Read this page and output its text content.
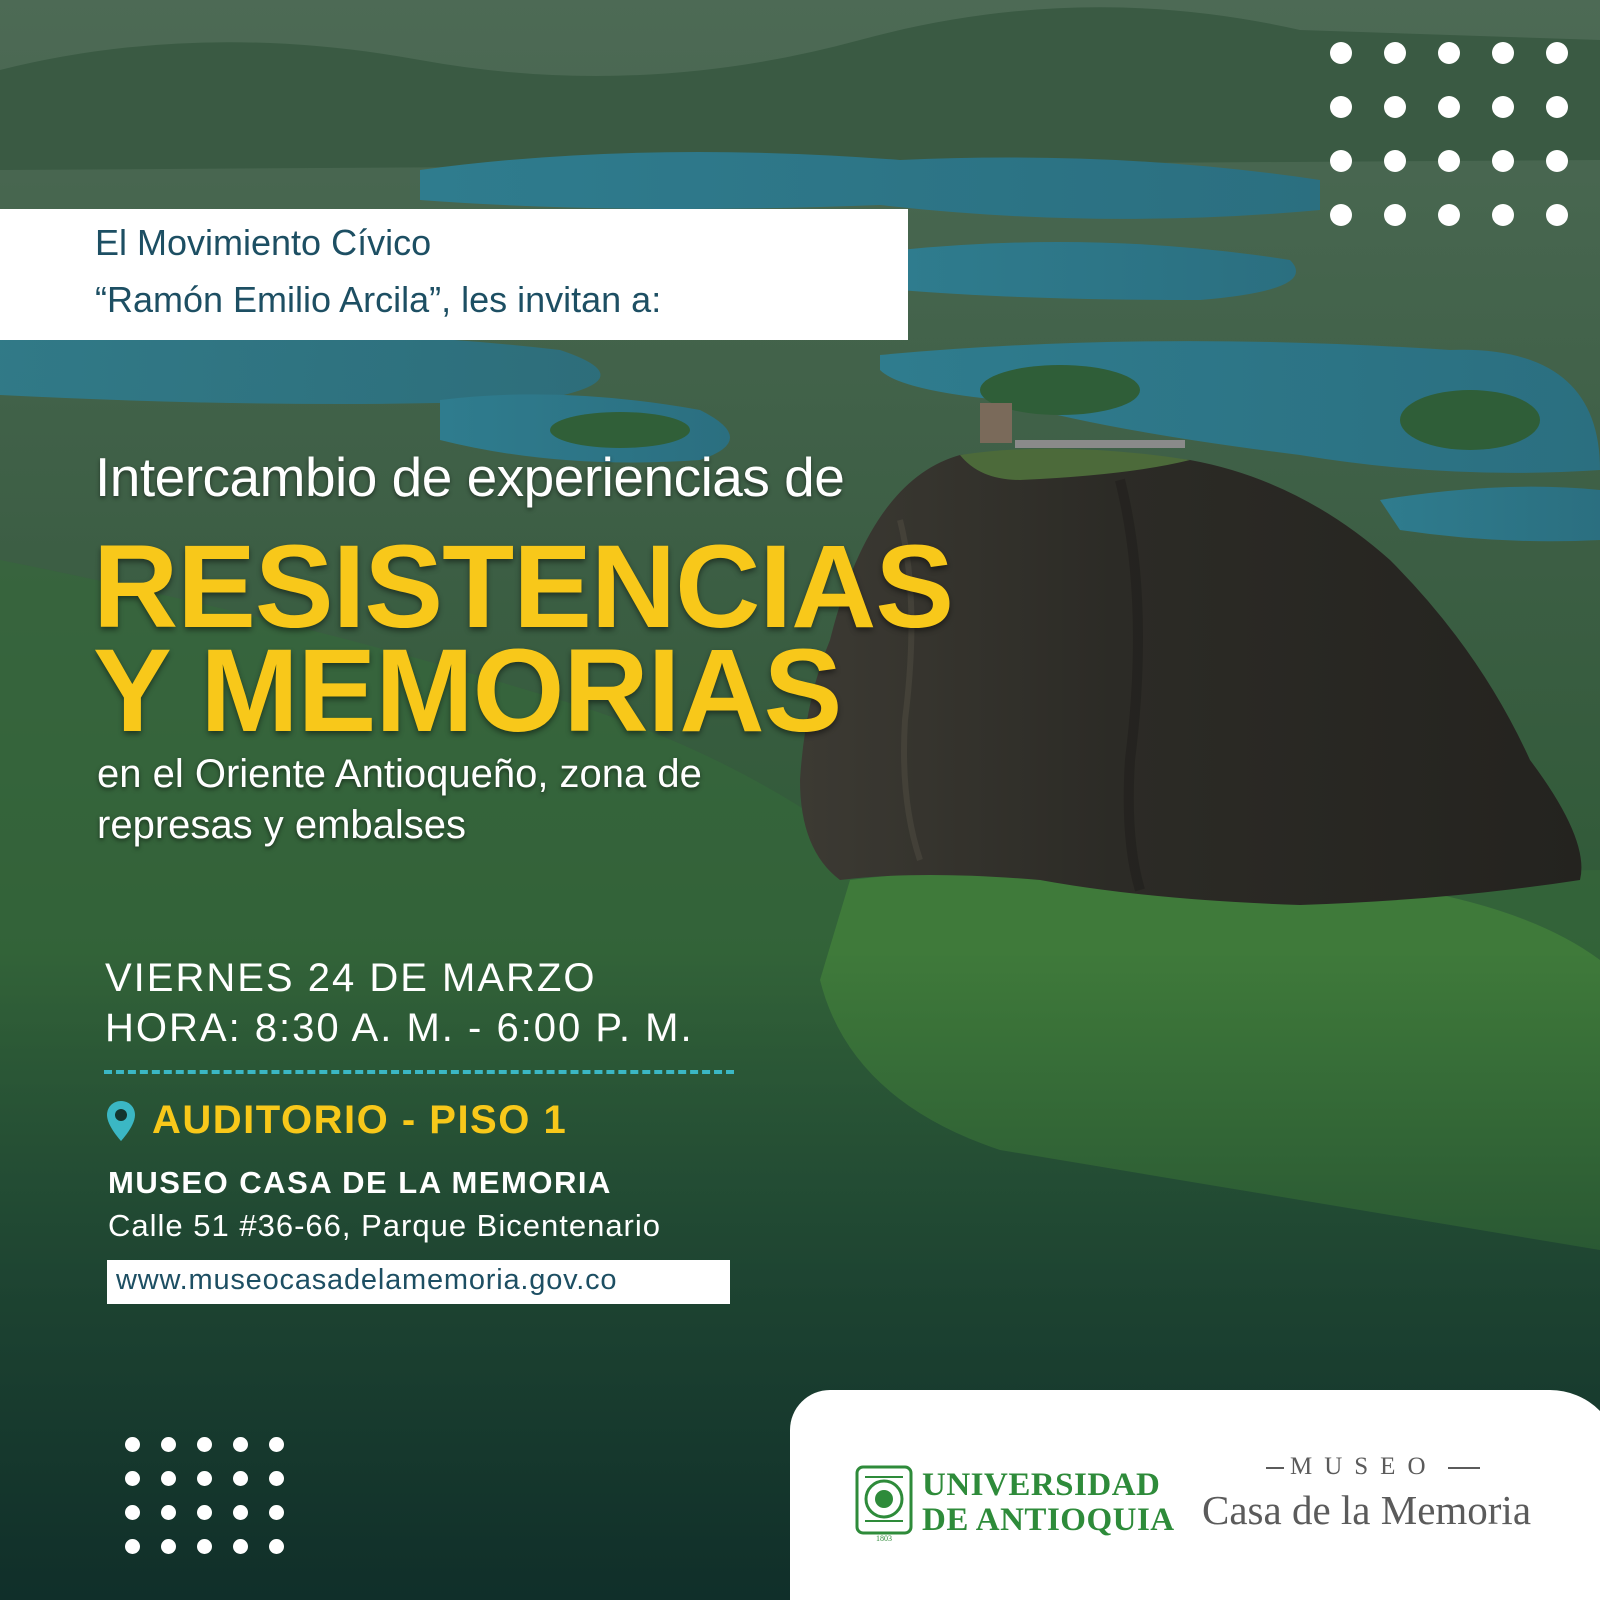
El Movimiento Cívico
“Ramón Emilio Arcila”, les invitan a:
Intercambio de experiencias de
RESISTENCIAS
Y MEMORIAS
en el Oriente Antioqueño, zona de
represas y embalses
VIERNES 24 DE MARZO
HORA: 8:30 A. M. - 6:00 P. M.
AUDITORIO - PISO 1
MUSEO CASA DE LA MEMORIA
Calle 51 #36-66, Parque Bicentenario
www.museocasadelamemoria.gov.co
1803
UNIVERSIDAD
DE ANTIOQUIA
MUSEO
Casa de la Memoria
